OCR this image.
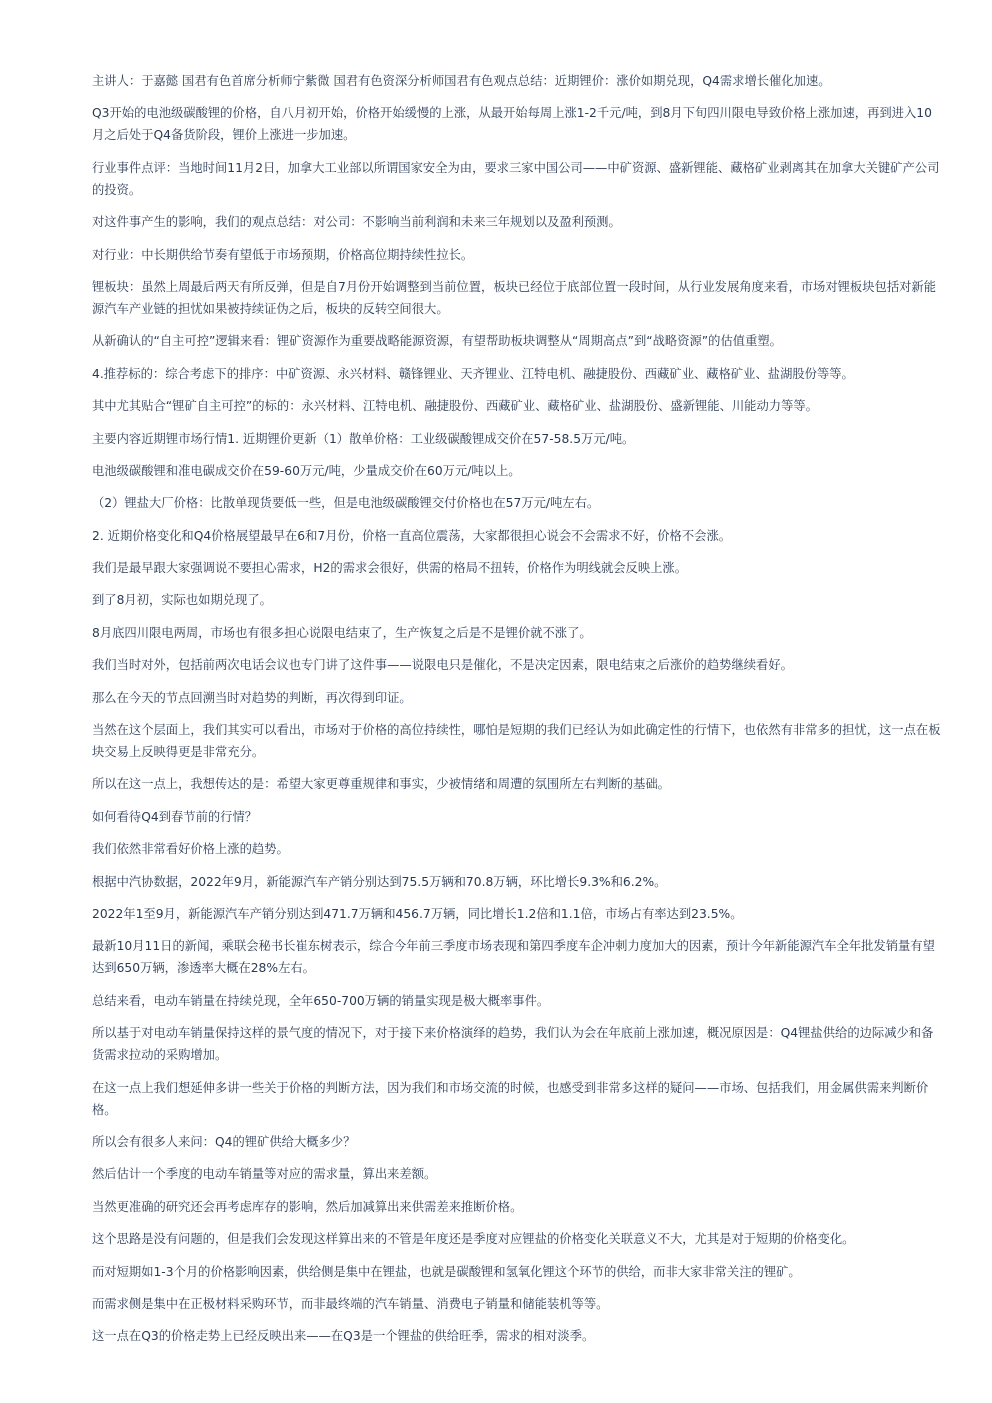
主讲人：于嘉懿 国君有色首席分析师宁紫微 国君有色资深分析师国君有色观点总结：近期锂价：涨价如期兑现，Q4需求增长催化加速。

Q3开始的电池级碳酸锂的价格，自八月初开始，价格开始缓慢的上涨，从最开始每周上涨1-2千元/吨，到8月下旬四川限电导致价格上涨加速，再到进入10月之后处于Q4备货阶段，锂价上涨进一步加速。

行业事件点评：当地时间11月2日，加拿大工业部以所谓国家安全为由，要求三家中国公司——中矿资源、盛新锂能、藏格矿业剥离其在加拿大关键矿产公司的投资。

对这件事产生的影响，我们的观点总结：对公司：不影响当前利润和未来三年规划以及盈利预测。

对行业：中长期供给节奏有望低于市场预期，价格高位期持续性拉长。

锂板块：虽然上周最后两天有所反弹，但是自7月份开始调整到当前位置，板块已经位于底部位置一段时间，从行业发展角度来看，市场对锂板块包括对新能源汽车产业链的担忧如果被持续证伪之后，板块的反转空间很大。

从新确认的“自主可控”逻辑来看：锂矿资源作为重要战略能源资源，有望帮助板块调整从“周期高点”到“战略资源”的估值重塑。

4.推荐标的：综合考虑下的排序：中矿资源、永兴材料、赣锋锂业、天齐锂业、江特电机、融捷股份、西藏矿业、藏格矿业、盐湖股份等等。

其中尤其贴合“锂矿自主可控”的标的：永兴材料、江特电机、融捷股份、西藏矿业、藏格矿业、盐湖股份、盛新锂能、川能动力等等。

主要内容近期锂市场行情1. 近期锂价更新（1）散单价格：工业级碳酸锂成交价在57-58.5万元/吨。

电池级碳酸锂和准电碳成交价在59-60万元/吨，少量成交价在60万元/吨以上。

（2）锂盐大厂价格：比散单现货要低一些，但是电池级碳酸锂交付价格也在57万元/吨左右。

2. 近期价格变化和Q4价格展望最早在6和7月份，价格一直高位震荡，大家都很担心说会不会需求不好，价格不会涨。

我们是最早跟大家强调说不要担心需求，H2的需求会很好，供需的格局不扭转，价格作为明线就会反映上涨。

到了8月初，实际也如期兑现了。

8月底四川限电两周，市场也有很多担心说限电结束了，生产恢复之后是不是锂价就不涨了。

我们当时对外，包括前两次电话会议也专门讲了这件事——说限电只是催化，不是决定因素，限电结束之后涨价的趋势继续看好。

那么在今天的节点回溯当时对趋势的判断，再次得到印证。

当然在这个层面上，我们其实可以看出，市场对于价格的高位持续性，哪怕是短期的我们已经认为如此确定性的行情下，也依然有非常多的担忧，这一点在板块交易上反映得更是非常充分。

所以在这一点上，我想传达的是：希望大家更尊重规律和事实，少被情绪和周遭的氛围所左右判断的基础。

如何看待Q4到春节前的行情？

我们依然非常看好价格上涨的趋势。

根据中汽协数据，2022年9月，新能源汽车产销分别达到75.5万辆和70.8万辆，环比增长9.3%和6.2%。

2022年1至9月，新能源汽车产销分别达到471.7万辆和456.7万辆，同比增长1.2倍和1.1倍，市场占有率达到23.5%。

最新10月11日的新闻，乘联会秘书长崔东树表示，综合今年前三季度市场表现和第四季度车企冲刺力度加大的因素，预计今年新能源汽车全年批发销量有望达到650万辆，渗透率大概在28%左右。

总结来看，电动车销量在持续兑现，全年650-700万辆的销量实现是极大概率事件。

所以基于对电动车销量保持这样的景气度的情况下，对于接下来价格演绎的趋势，我们认为会在年底前上涨加速，概况原因是：Q4锂盐供给的边际减少和备货需求拉动的采购增加。

在这一点上我们想延伸多讲一些关于价格的判断方法，因为我们和市场交流的时候，也感受到非常多这样的疑问——市场、包括我们，用金属供需来判断价格。

所以会有很多人来问：Q4的锂矿供给大概多少？

然后估计一个季度的电动车销量等对应的需求量，算出来差额。

当然更准确的研究还会再考虑库存的影响，然后加减算出来供需差来推断价格。

这个思路是没有问题的，但是我们会发现这样算出来的不管是年度还是季度对应锂盐的价格变化关联意义不大，尤其是对于短期的价格变化。

而对短期如1-3个月的价格影响因素，供给侧是集中在锂盐，也就是碳酸锂和氢氧化锂这个环节的供给，而非大家非常关注的锂矿。

而需求侧是集中在正极材料采购环节，而非最终端的汽车销量、消费电子销量和储能装机等等。

这一点在Q3的价格走势上已经反映出来——在Q3是一个锂盐的供给旺季，需求的相对淡季。
